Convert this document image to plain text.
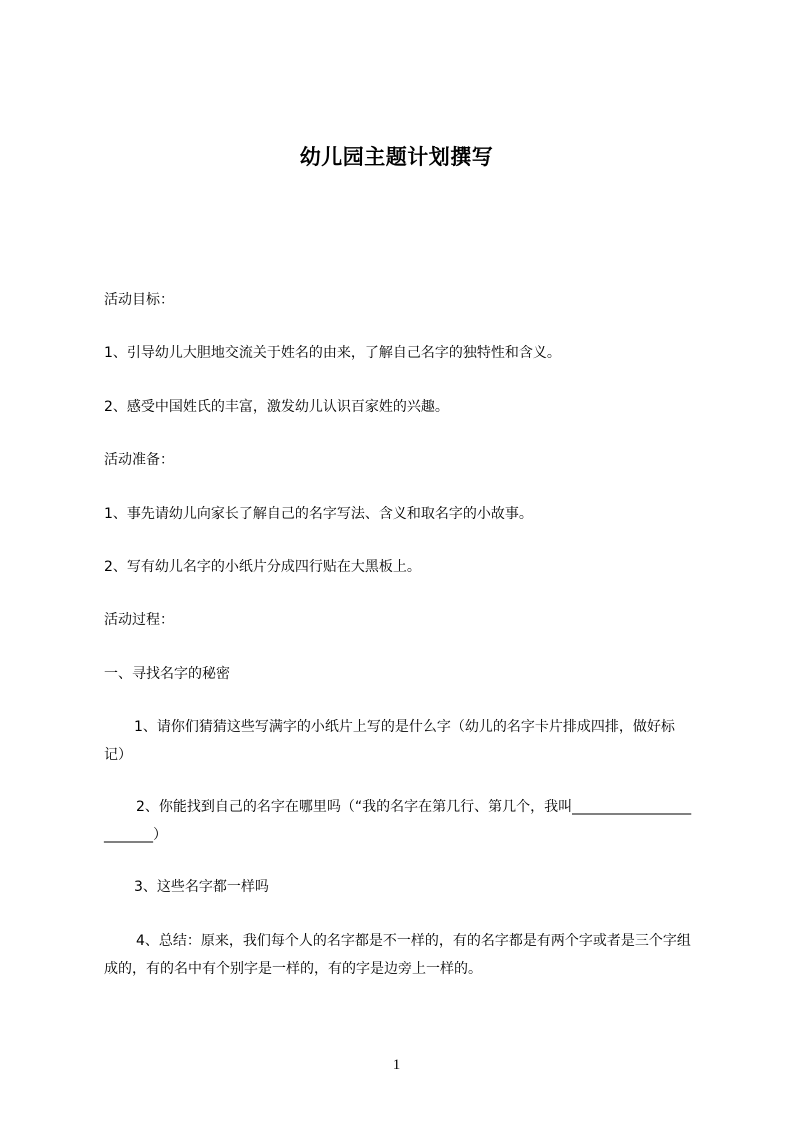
幼儿园主题计划撰写
活动目标：
1、引导幼儿大胆地交流关于姓名的由来，了解自己名字的独特性和含义。
2、感受中国姓氏的丰富，激发幼儿认识百家姓的兴趣。
活动准备：
1、事先请幼儿向家长了解自己的名字写法、含义和取名字的小故事。
2、写有幼儿名字的小纸片分成四行贴在大黑板上。
活动过程：
一、寻找名字的秘密
1、请你们猜猜这些写满字的小纸片上写的是什么字（幼儿的名字卡片排成四排，做好标记）
2、你能找到自己的名字在哪里吗（“我的名字在第几行、第几个，我叫________________________）
3、这些名字都一样吗
4、总结：原来，我们每个人的名字都是不一样的，有的名字都是有两个字或者是三个字组成的，有的名中有个别字是一样的，有的字是边旁上一样的。
1
